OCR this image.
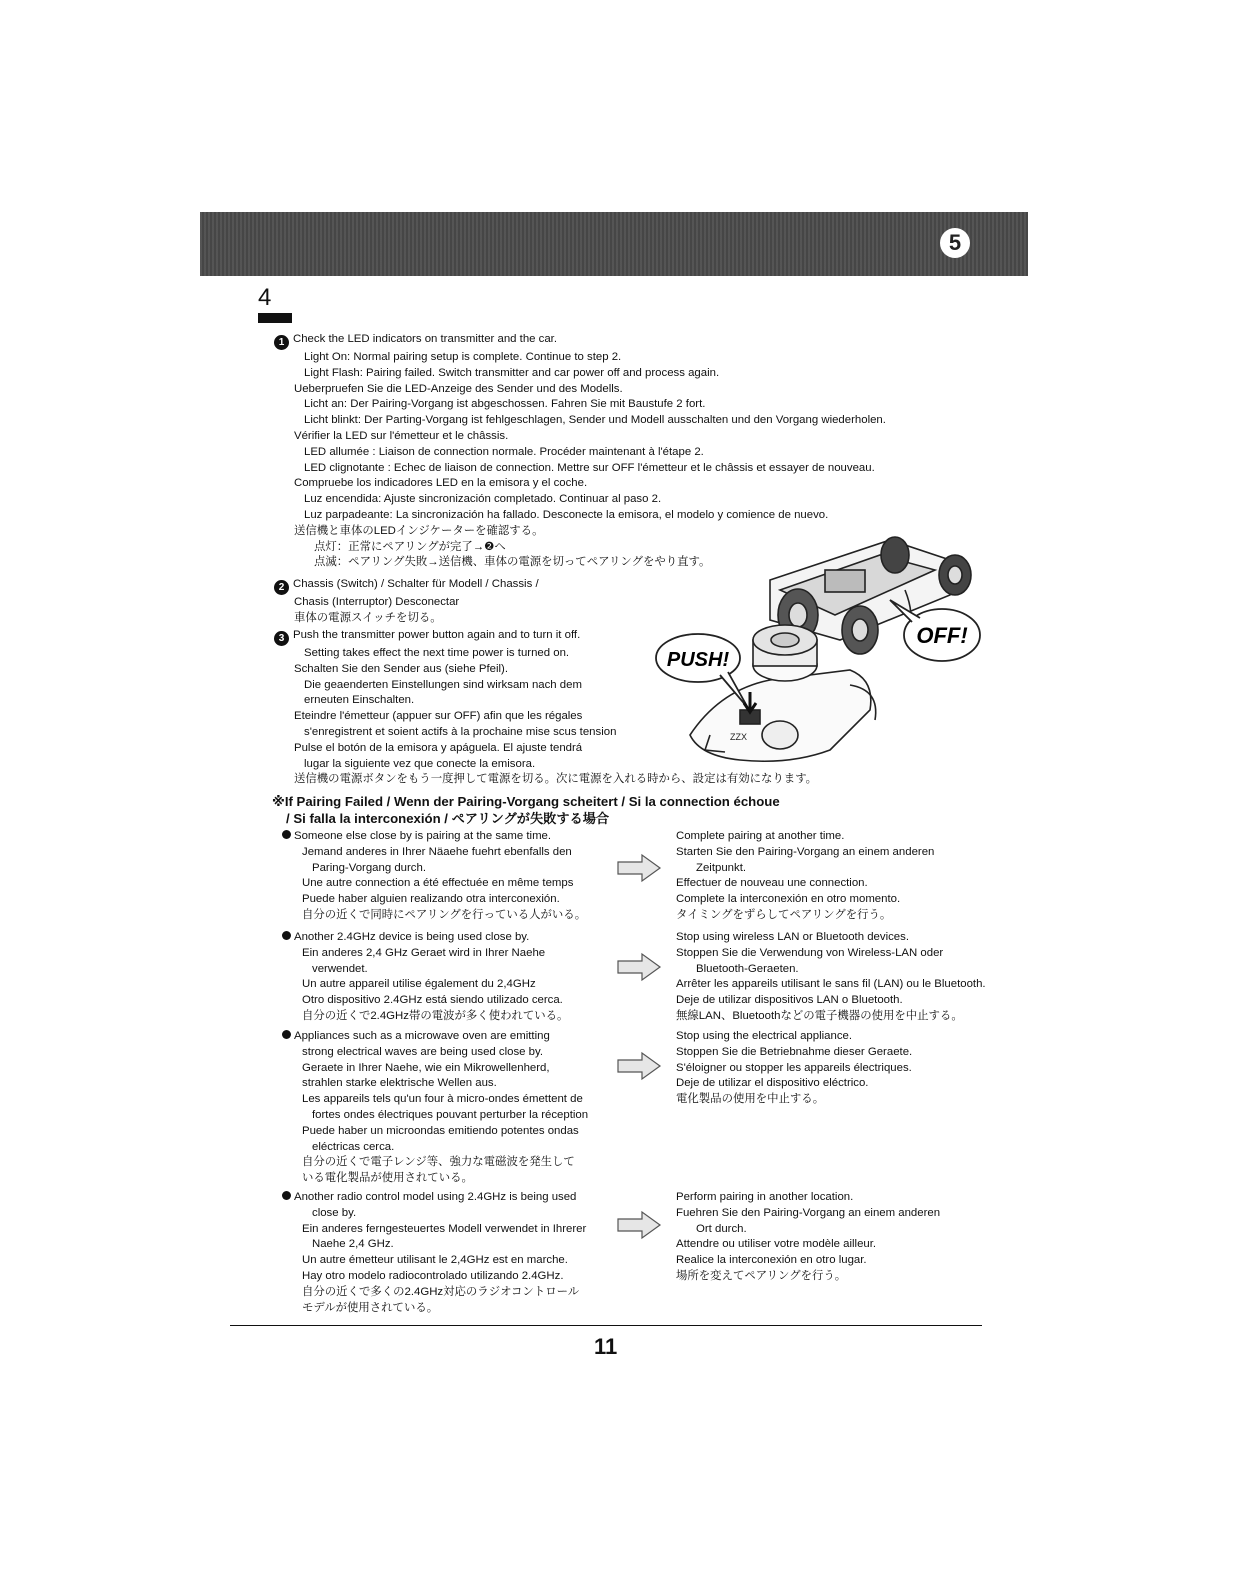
5
4
1 Check the LED indicators on transmitter and the car.
Light On: Normal pairing setup is complete. Continue to step 2.
Light Flash: Pairing failed. Switch transmitter and car power off and process again.
Ueberpruefen Sie die LED-Anzeige des Sender und des Modells.
Licht an: Der Pairing-Vorgang ist abgeschossen. Fahren Sie mit Baustufe 2 fort.
Licht blinkt: Der Parting-Vorgang ist fehlgeschlagen, Sender und Modell ausschalten und den Vorgang wiederholen.
Vérifier la LED sur l'émetteur et le châssis.
LED allumée : Liaison de connection normale. Procéder maintenant à l'étape 2.
LED clignotante : Echec de liaison de connection. Mettre sur OFF l'émetteur et le châssis et essayer de nouveau.
Compruebe los indicadores LED en la emisora y el coche.
Luz encendida: Ajuste sincronización completado. Continuar al paso 2.
Luz parpadeante: La sincronización ha fallado. Desconecte la emisora, el modelo y comience de nuevo.
送信機と車体のLEDインジケーターを確認する。
点灯：正常にペアリングが完了→❷へ
点滅：ペアリング失敗→送信機、車体の電源を切ってペアリングをやり直す。
2 Chassis (Switch) / Schalter für Modell / Chassis /
Chasis (Interruptor) Desconectar
車体の電源スイッチを切る。
3 Push the transmitter power button again and to turn it off.
Setting takes effect the next time power is turned on.
Schalten Sie den Sender aus (siehe Pfeil).
Die geaenderten Einstellungen sind wirksam nach dem
erneuten Einschalten.
Eteindre l'émetteur (appuer sur OFF) afin que les régales
s'enregistrent et soient actifs à la prochaine mise scus tension
Pulse el botón de la emisora y apáguela. El ajuste tendrá
lugar la siguiente vez que conecte la emisora.
送信機の電源ボタンをもう一度押して電源を切る。次に電源を入れる時から、設定は有効になります。
OFF!
ZZX
PUSH!
※If Pairing Failed / Wenn der Pairing-Vorgang scheitert / Si la connection échoue
/ Si falla la interconexión / ペアリングが失敗する場合
Someone else close by is pairing at the same time.
Jemand anderes in Ihrer Näaehe fuehrt ebenfalls den
Paring-Vorgang durch.
Une autre connection a été effectuée en même temps
Puede haber alguien realizando otra interconexión.
自分の近くで同時にペアリングを行っている人がいる。
Complete pairing at another time.
Starten Sie den Pairing-Vorgang an einem anderen
Zeitpunkt.
Effectuer de nouveau une connection.
Complete la interconexión en otro momento.
タイミングをずらしてペアリングを行う。
Another 2.4GHz device is being used close by.
Ein anderes 2,4 GHz Geraet wird in Ihrer Naehe
verwendet.
Un autre appareil utilise également du 2,4GHz
Otro dispositivo 2.4GHz está siendo utilizado cerca.
自分の近くで2.4GHz帯の電波が多く使われている。
Stop using wireless LAN or Bluetooth devices.
Stoppen Sie die Verwendung von Wireless-LAN oder
Bluetooth-Geraeten.
Arrêter les appareils utilisant le sans fil (LAN) ou le Bluetooth.
Deje de utilizar dispositivos LAN o Bluetooth.
無線LAN、Bluetoothなどの電子機器の使用を中止する。
Appliances such as a microwave oven are emitting
strong electrical waves are being used close by.
Geraete in Ihrer Naehe, wie ein Mikrowellenherd,
strahlen starke elektrische Wellen aus.
Les appareils tels qu'un four à micro-ondes émettent de
fortes ondes électriques pouvant perturber la réception
Puede haber un microondas emitiendo potentes ondas
eléctricas cerca.
自分の近くで電子レンジ等、強力な電磁波を発生して
いる電化製品が使用されている。
Stop using the electrical appliance.
Stoppen Sie die Betriebnahme dieser Geraete.
S'éloigner ou stopper les appareils électriques.
Deje de utilizar el dispositivo eléctrico.
電化製品の使用を中止する。
Another radio control model using 2.4GHz is being used
close by.
Ein anderes ferngesteuertes Modell verwendet in Ihrerer
Naehe 2,4 GHz.
Un autre émetteur utilisant le 2,4GHz est en marche.
Hay otro modelo radiocontrolado utilizando 2.4GHz.
自分の近くで多くの2.4GHz対応のラジオコントロール
モデルが使用されている。
Perform pairing in another location.
Fuehren Sie den Pairing-Vorgang an einem anderen
Ort durch.
Attendre ou utiliser votre modèle ailleur.
Realice la interconexión en otro lugar.
場所を変えてペアリングを行う。
11
